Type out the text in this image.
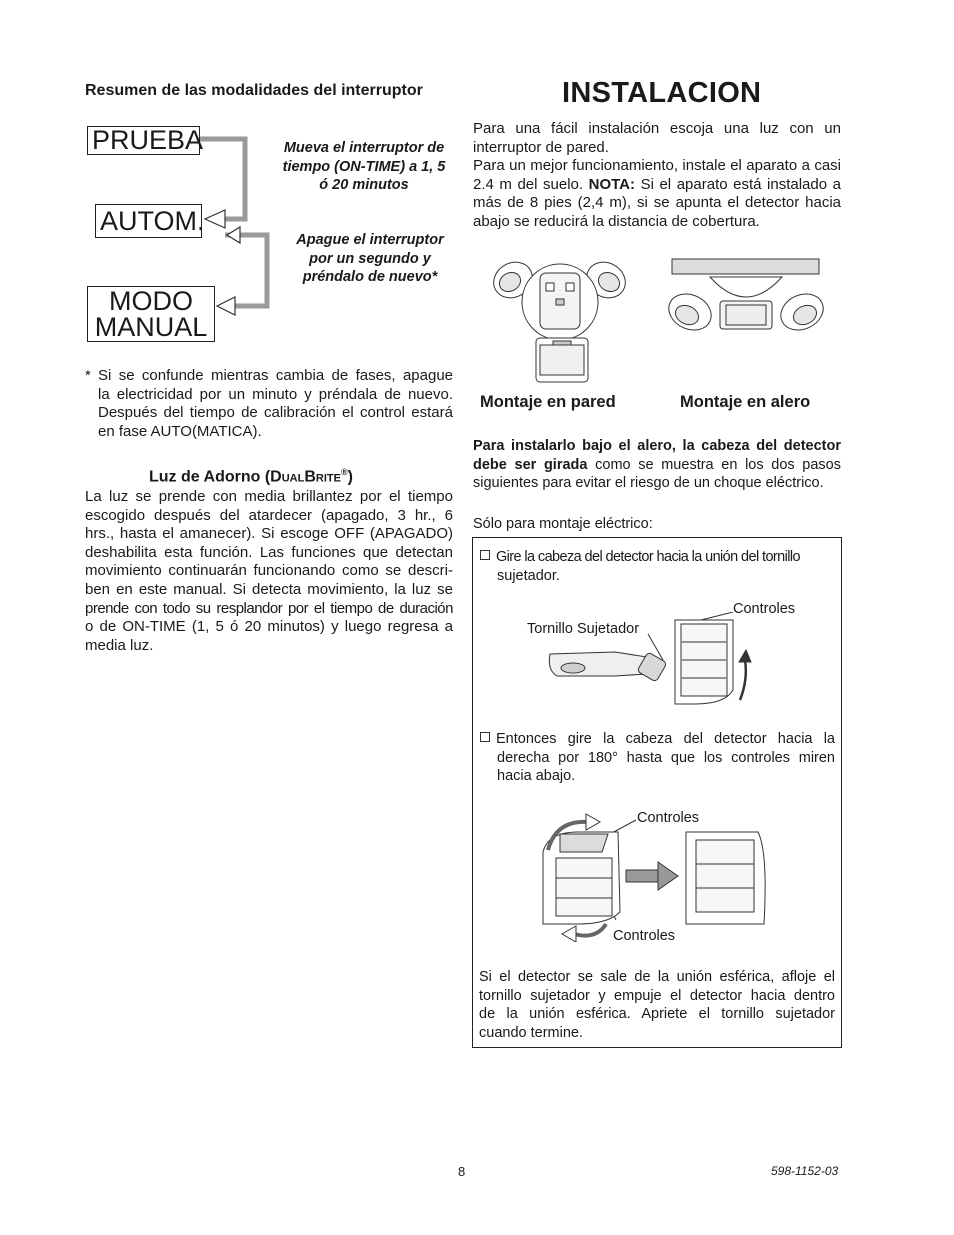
Resumen de las modalidades del interruptor
PRUEBA
AUTOM.
MODO
MANUAL
Mueva el interruptor de
tiempo (ON-TIME) a 1, 5
ó 20 minutos
Apague el interruptor
por un segundo y
préndalo de nuevo*
* Si se confunde mientras cambia de fases, apague
la electricidad por un minuto y préndala de nuevo.
Después del tiempo de calibración el control estará
en fase AUTO(MATICA).
Luz de Adorno (DualBrite®)
La luz se prende con media brillantez por el tiempo
escogido después del atardecer (apagado, 3 hr., 6
hrs., hasta el amanecer). Si escoge OFF (APAGADO)
deshabilita esta función. Las funciones que detectan
movimiento continuarán funcionando como se descri-
ben en este manual. Si detecta movimiento, la luz se
prende con todo su resplandor por el tiempo de duración
o de ON-TIME (1, 5 ó 20 minutos) y luego regresa a
media luz.
INSTALACION
Para una fácil instalación escoja una luz con un
interruptor de pared.
Para un mejor funcionamiento, instale el aparato a casi
2.4 m del suelo. NOTA: Si el aparato está instalado a
más de 8 pies (2,4 m), si se apunta el detector hacia
abajo se reducirá la distancia de cobertura.
Montaje en pared	Montaje en alero
Para instalarlo bajo el alero, la cabeza del detector
debe ser girada como se muestra en los dos pasos
siguientes para evitar el riesgo de un choque eléctrico.
Sólo para montaje eléctrico:
Gire la cabeza del detector hacia la unión del tornillo
sujetador.
Controles
Tornillo Sujetador
Entonces gire la cabeza del detector hacia la
derecha por 180° hasta que los controles miren
hacia abajo.
Controles
Controles
Si el detector se sale de la unión esférica, afloje el
tornillo sujetador y empuje el detector hacia dentro
de la unión esférica. Apriete el tornillo sujetador
cuando termine.
8	598-1152-03
